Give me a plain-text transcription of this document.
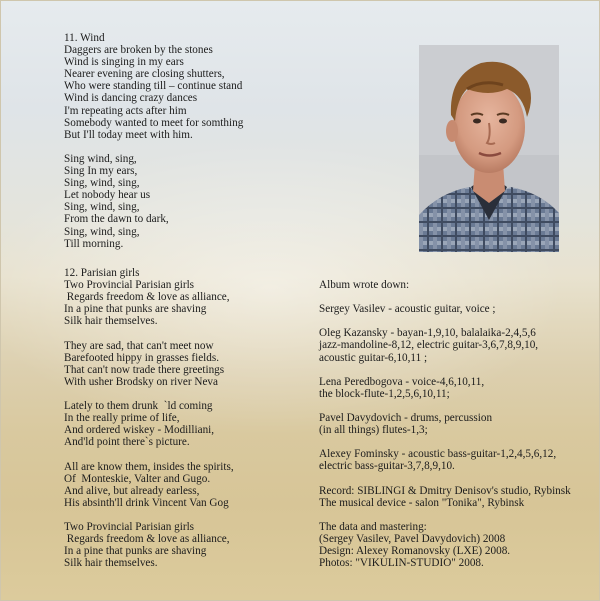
11. Wind
Daggers are broken by the stones
Wind is singing in my ears
Nearer evening are closing shutters,
Who were standing till – continue stand
Wind is dancing crazy dances
I'm repeating acts after him
Somebody wanted to meet for somthing
But I'll today meet with him.

Sing wind, sing,
Sing In my ears,
Sing, wind, sing,
Let nobody hear us
Sing, wind, sing,
From the dawn to dark,
Sing, wind, sing,
Till morning.
12. Parisian girls
Two Provincial Parisian girls
Regards freedom & love as alliance,
In a pine that punks are shaving
Silk hair themselves.

They are sad, that can't meet now
Barefooted hippy in grasses fields.
That can't now trade there greetings
With usher Brodsky on river Neva

Lately to them drunk  `ld coming
In the really prime of life,
And ordered wiskey - Modilliani,
And'ld point there`s picture.

All are know them, insides the spirits,
Of  Monteskie, Valter and Gugo.
And alive, but already earless,
His absinth'll drink Vincent Van Gog

Two Provincial Parisian girls
Regards freedom & love as alliance,
In a pine that punks are shaving
Silk hair themselves.
Album wrote down:

Sergey Vasilev - acoustic guitar, voice ;

Oleg Kazansky - bayan-1,9,10, balalaika-2,4,5,6
jazz-mandoline-8,12, electric guitar-3,6,7,8,9,10,
acoustic guitar-6,10,11 ;

Lena Peredbogova - voice-4,6,10,11,
the block-flute-1,2,5,6,10,11;

Pavel Davydovich - drums, percussion
(in all things) flutes-1,3;

Alexey Fominsky - acoustic bass-guitar-1,2,4,5,6,12,
electric bass-guitar-3,7,8,9,10.

Record: SIBLINGI & Dmitry Denisov's studio, Rybinsk
The musical device - salon "Tonika", Rybinsk

The data and mastering:
(Sergey Vasilev, Pavel Davydovich) 2008
Design: Alexey Romanovsky (LXE) 2008.
Photos: "VIKULIN-STUDIO" 2008.
